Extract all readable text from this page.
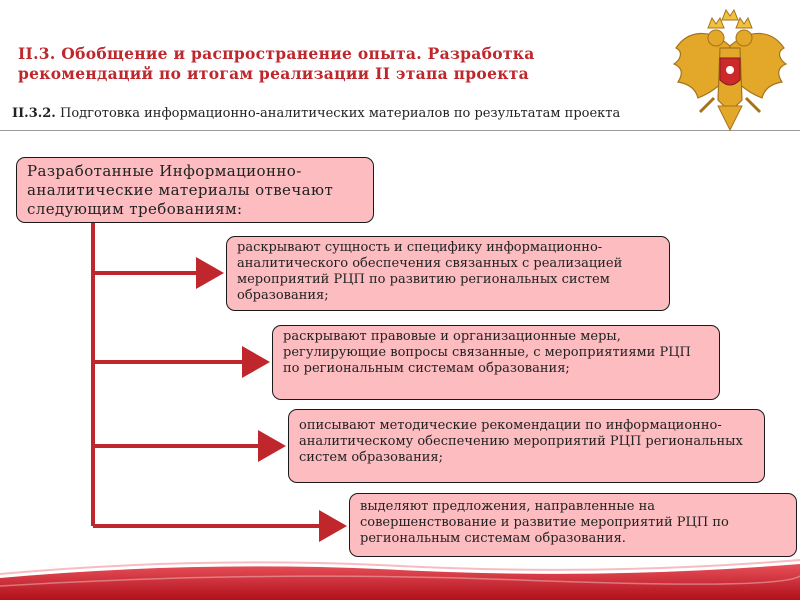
II.3. Обобщение и распространение опыта. Разработка рекомендаций по итогам реализации II этапа проекта
II.3.2. Подготовка информационно-аналитических материалов по результатам проекта
Разработанные Информационно-аналитические материалы отвечают следующим требованиям:
раскрывают сущность и специфику информационно-аналитического обеспечения связанных с реализацией мероприятий РЦП по развитию региональных систем образования;
раскрывают правовые и организационные меры, регулирующие вопросы связанные, с мероприятиями РЦП по региональным системам образования;
описывают методические рекомендации по информационно-аналитическому обеспечению мероприятий РЦП региональных систем образования;
выделяют предложения, направленные на совершенствование и развитие мероприятий РЦП по региональным системам образования.
